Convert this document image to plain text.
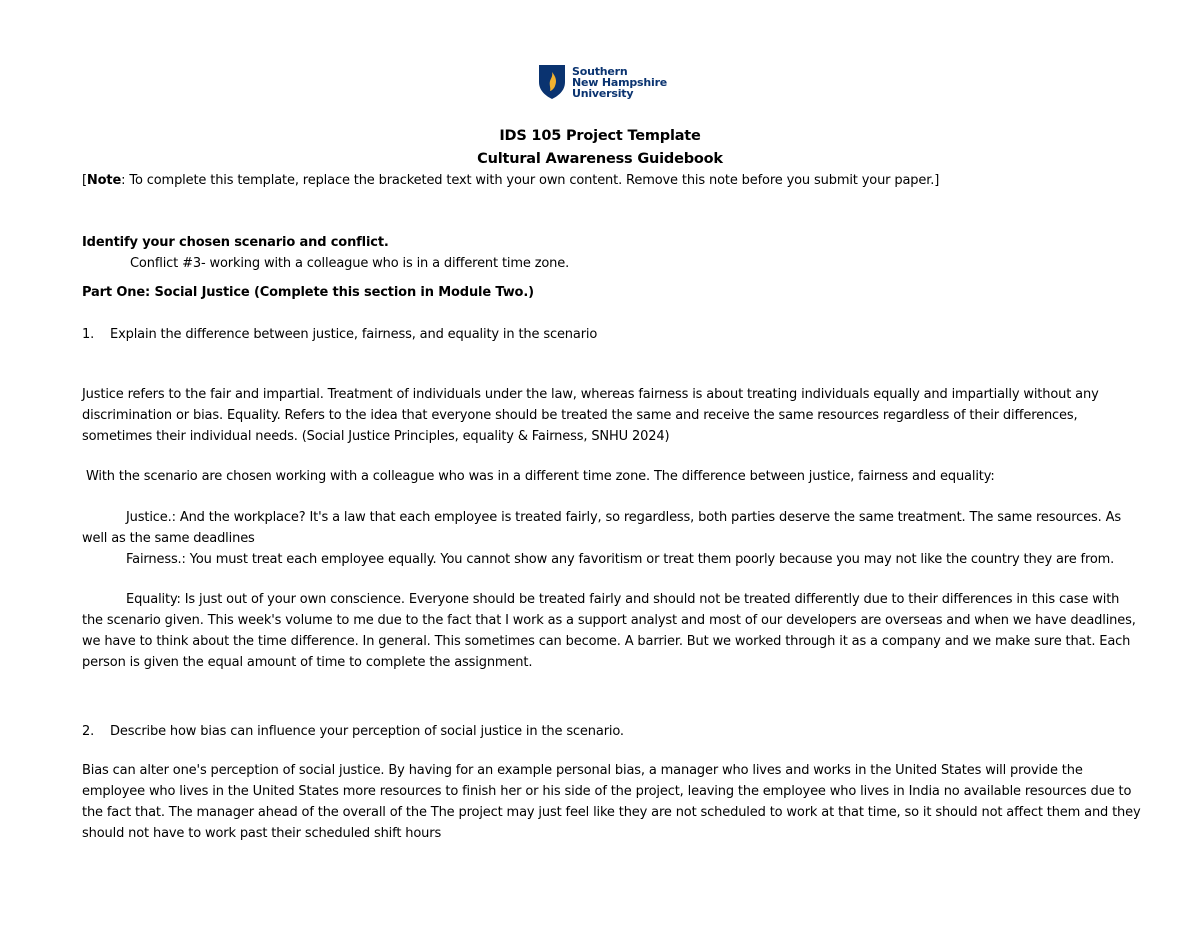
Southern
New Hampshire
University
IDS 105 Project Template
Cultural Awareness Guidebook
[Note: To complete this template, replace the bracketed text with your own content. Remove this note before you submit your paper.]
Identify your chosen scenario and conflict.
Conflict #3- working with a colleague who is in a different time zone.
Part One: Social Justice (Complete this section in Module Two.)
1. Explain the difference between justice, fairness, and equality in the scenario
Justice refers to the fair and impartial. Treatment of individuals under the law, whereas fairness is about treating individuals equally and impartially without any discrimination or bias. Equality. Refers to the idea that everyone should be treated the same and receive the same resources regardless of their differences, sometimes their individual needs. (Social Justice Principles, equality & Fairness, SNHU 2024)
With the scenario are chosen working with a colleague who was in a different time zone. The difference between justice, fairness and equality:
Justice.: And the workplace? It's a law that each employee is treated fairly, so regardless, both parties deserve the same treatment. The same resources. As well as the same deadlines
Fairness.: You must treat each employee equally. You cannot show any favoritism or treat them poorly because you may not like the country they are from.
Equality: Is just out of your own conscience. Everyone should be treated fairly and should not be treated differently due to their differences in this case with the scenario given. This week's volume to me due to the fact that I work as a support analyst and most of our developers are overseas and when we have deadlines, we have to think about the time difference. In general. This sometimes can become. A barrier. But we worked through it as a company and we make sure that. Each person is given the equal amount of time to complete the assignment.
2. Describe how bias can influence your perception of social justice in the scenario.
Bias can alter one's perception of social justice. By having for an example personal bias, a manager who lives and works in the United States will provide the employee who lives in the United States more resources to finish her or his side of the project, leaving the employee who lives in India no available resources due to the fact that. The manager ahead of the overall of the The project may just feel like they are not scheduled to work at that time, so it should not affect them and they should not have to work past their scheduled shift hours
